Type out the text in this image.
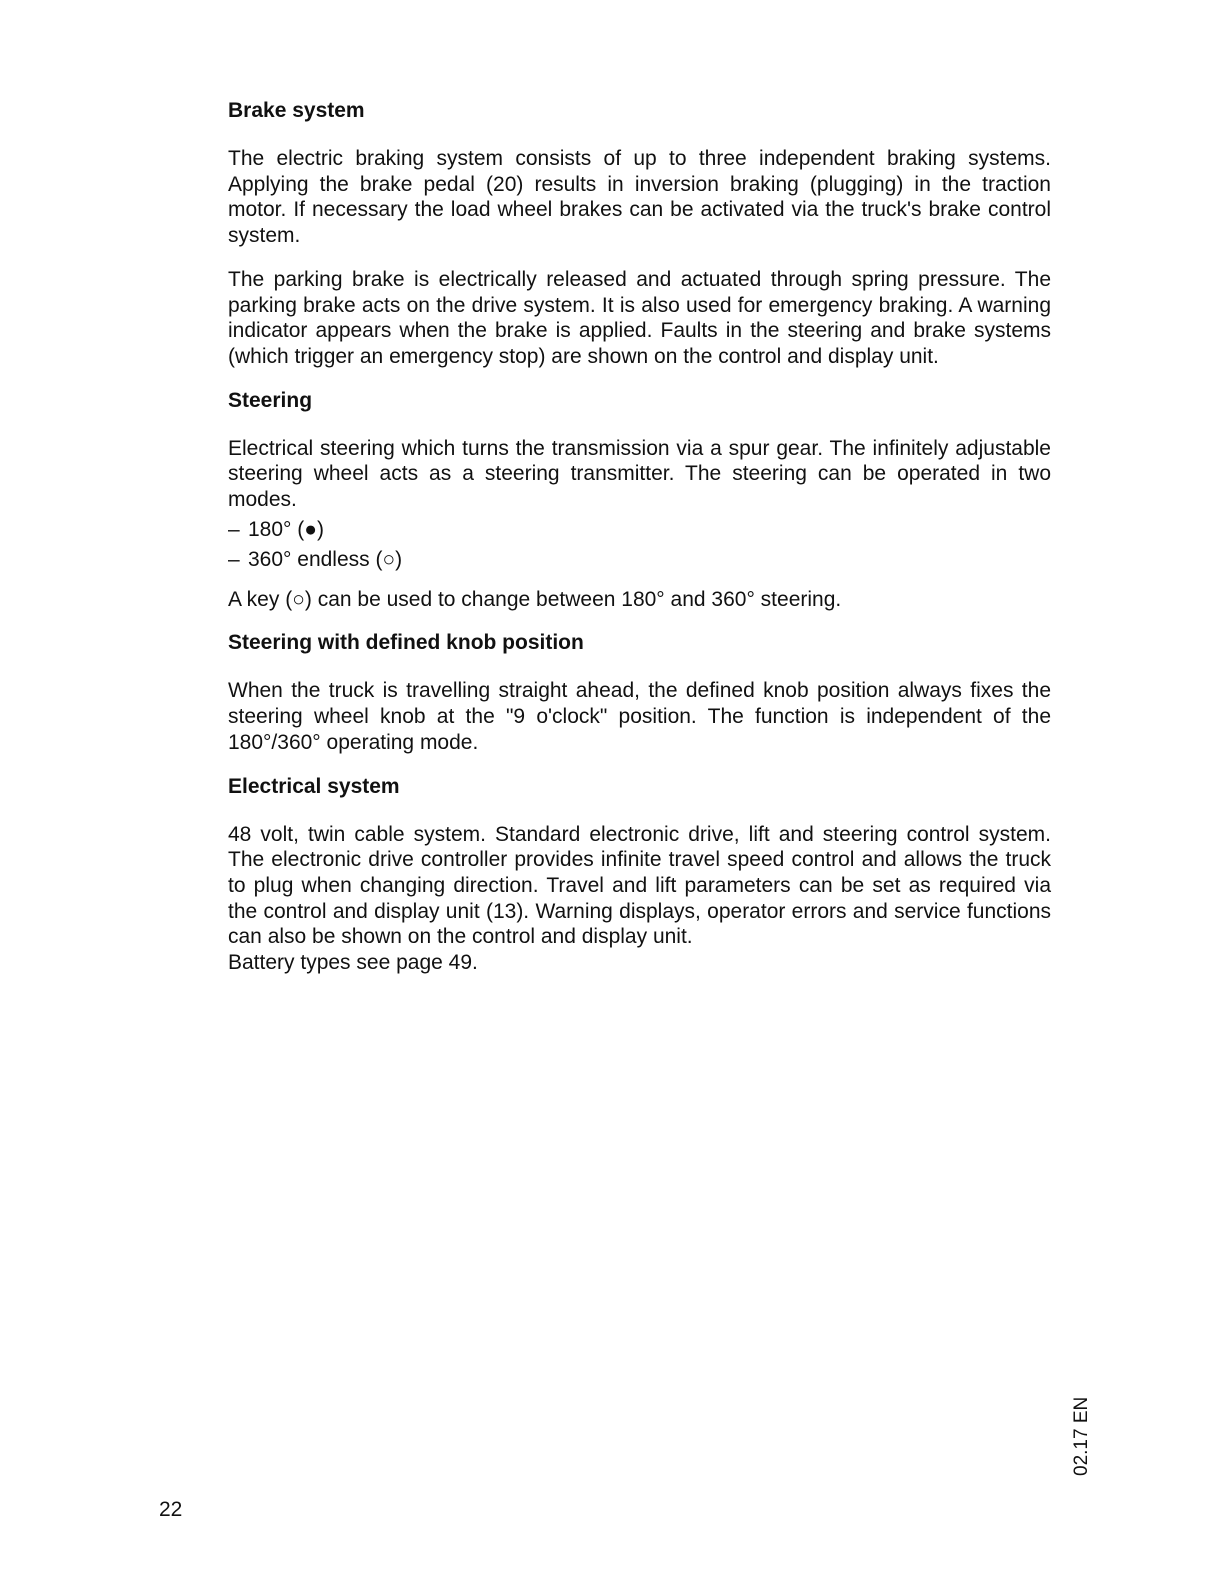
Brake system

The electric braking system consists of up to three independent braking systems. Applying the brake pedal (20) results in inversion braking (plugging) in the traction motor. If necessary the load wheel brakes can be activated via the truck's brake control system.

The parking brake is electrically released and actuated through spring pressure. The parking brake acts on the drive system. It is also used for emergency braking. A warning indicator appears when the brake is applied. Faults in the steering and brake systems (which trigger an emergency stop) are shown on the control and display unit.

Steering

Electrical steering which turns the transmission via a spur gear. The infinitely adjustable steering wheel acts as a steering transmitter. The steering can be operated in two modes.

– 180° (●)
– 360° endless (○)

A key (○) can be used to change between 180° and 360° steering.

Steering with defined knob position

When the truck is travelling straight ahead, the defined knob position always fixes the steering wheel knob at the "9 o'clock" position. The function is independent of the 180°/360° operating mode.

Electrical system

48 volt, twin cable system. Standard electronic drive, lift and steering control system. The electronic drive controller provides infinite travel speed control and allows the truck to plug when changing direction. Travel and lift parameters can be set as required via the control and display unit (13). Warning displays, operator errors and service functions can also be shown on the control and display unit.

Battery types see page 49.

22
02.17 EN
